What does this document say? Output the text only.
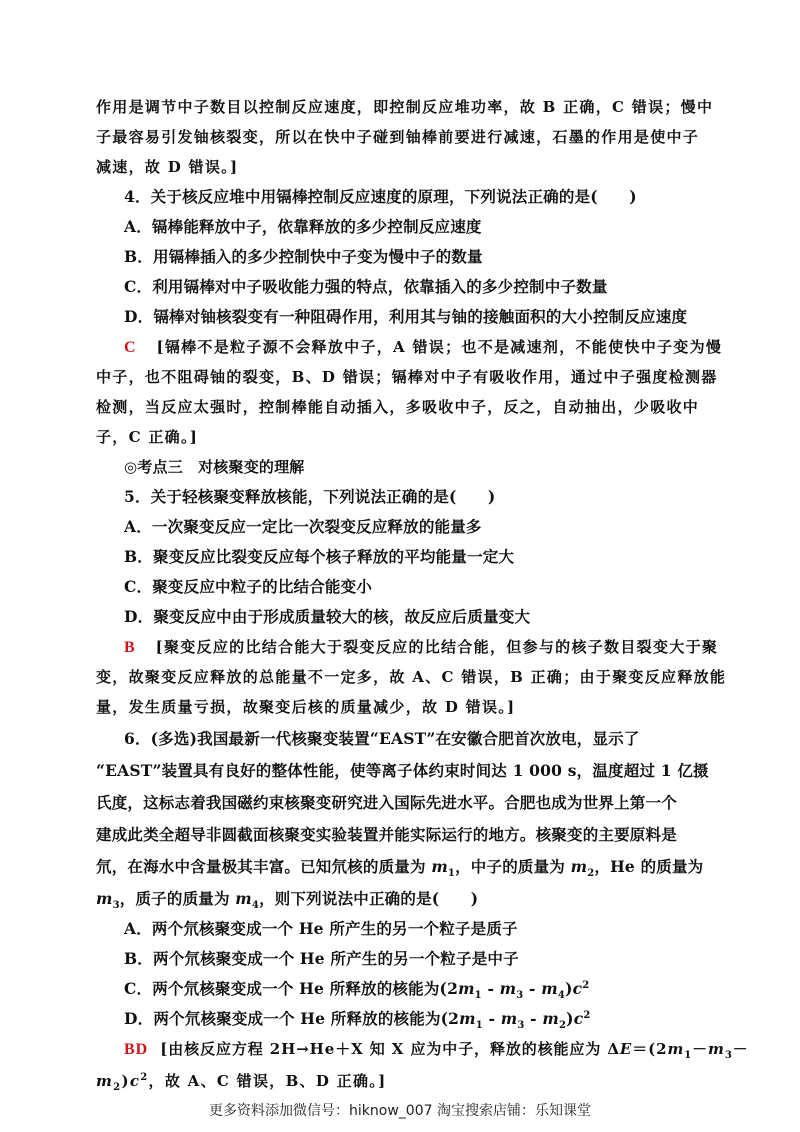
作用是调节中子数目以控制反应速度，即控制反应堆功率，故 B 正确，C 错误；慢中
子最容易引发铀核裂变，所以在快中子碰到铀棒前要进行减速，石墨的作用是使中子
减速，故 D 错误。]
4．关于核反应堆中用镉棒控制反应速度的原理，下列说法正确的是(　　)
A．镉棒能释放中子，依靠释放的多少控制反应速度
B．用镉棒插入的多少控制快中子变为慢中子的数量
C．利用镉棒对中子吸收能力强的特点，依靠插入的多少控制中子数量
D．镉棒对铀核裂变有一种阻碍作用，利用其与铀的接触面积的大小控制反应速度
C [镉棒不是粒子源不会释放中子，A 错误；也不是减速剂，不能使快中子变为慢
中子，也不阻碍铀的裂变，B、D 错误；镉棒对中子有吸收作用，通过中子强度检测器
检测，当反应太强时，控制棒能自动插入，多吸收中子，反之，自动抽出，少吸收中
子，C 正确。]
◎考点三　对核聚变的理解
5．关于轻核聚变释放核能，下列说法正确的是(　　)
A．一次聚变反应一定比一次裂变反应释放的能量多
B．聚变反应比裂变反应每个核子释放的平均能量一定大
C．聚变反应中粒子的比结合能变小
D．聚变反应中由于形成质量较大的核，故反应后质量变大
B [聚变反应的比结合能大于裂变反应的比结合能，但参与的核子数目裂变大于聚
变，故聚变反应释放的总能量不一定多，故 A、C 错误，B 正确；由于聚变反应释放能
量，发生质量亏损，故聚变后核的质量减少，故 D 错误。]
6．(多选)我国最新一代核聚变装置“EAST”在安徽合肥首次放电，显示了
“EAST”装置具有良好的整体性能，使等离子体约束时间达 1 000 s，温度超过 1 亿摄
氏度，这标志着我国磁约束核聚变研究进入国际先进水平。合肥也成为世界上第一个
建成此类全超导非圆截面核聚变实验装置并能实际运行的地方。核聚变的主要原料是
氘，在海水中含量极其丰富。已知氘核的质量为 $m_1$，中子的质量为 $m_2$，He 的质量为
$m_3$，质子的质量为 $m_4$，则下列说法中正确的是(　　)
A．两个氘核聚变成一个 He 所产生的另一个粒子是质子
B．两个氘核聚变成一个 He 所产生的另一个粒子是中子
C．两个氘核聚变成一个 He 所释放的核能为$(2m_1 - m_3 - m_4)c^2$
D．两个氘核聚变成一个 He 所释放的核能为$(2m_1 - m_3 - m_2)c^2$
BD [由核反应方程 2H→He＋X 知 X 应为中子，释放的核能应为 $\Delta E=(2m_1-m_3-$
$m_2)c^2$，故 A、C 错误，B、D 正确。]
更多资料添加微信号：hiknow_007 淘宝搜索店铺：乐知课堂
